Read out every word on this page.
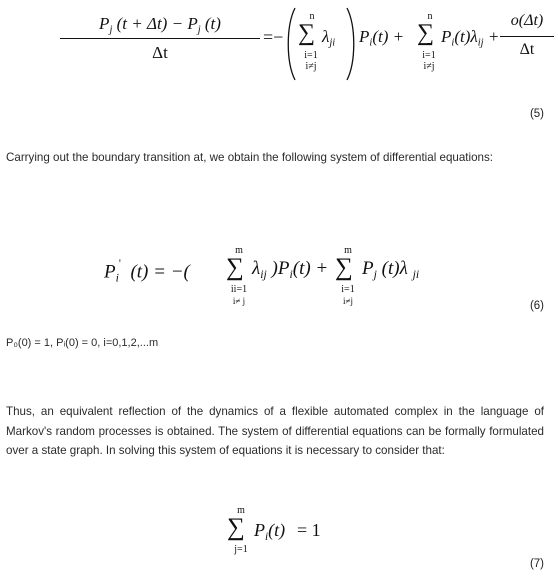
$P_j$ $(t + \Delta t) - P_j$ (t)
Δt
=−
n
∑ $\lambda_{ji}$
i=1
i≠j
$P_i(t)$ +
n
∑
i=1
i≠j
$P_i(t)\lambda_{ij}$ +
o(Δt)
Δt
(5)
Carrying out the boundary transition at, we obtain the following system of differential equations:
$P_i'$  (t) = −(
m
∑
ii=1
i≠ j
$\lambda_{ij}$ )$P_i(t)$ +
m
∑
i=1
i≠j
$P_j$ (t)λ $_{ji}$
(6)
P₀(0) = 1, Pᵢ(0) = 0, i=0,1,2,...m
Thus, an equivalent reflection of the dynamics of a flexible automated complex in the language of Markov's random processes is obtained. The system of differential equations can be formally formulated over a state graph. In solving this system of equations it is necessary to consider that:
m
∑
j=1
$P_i(t) = 1$
(7)
